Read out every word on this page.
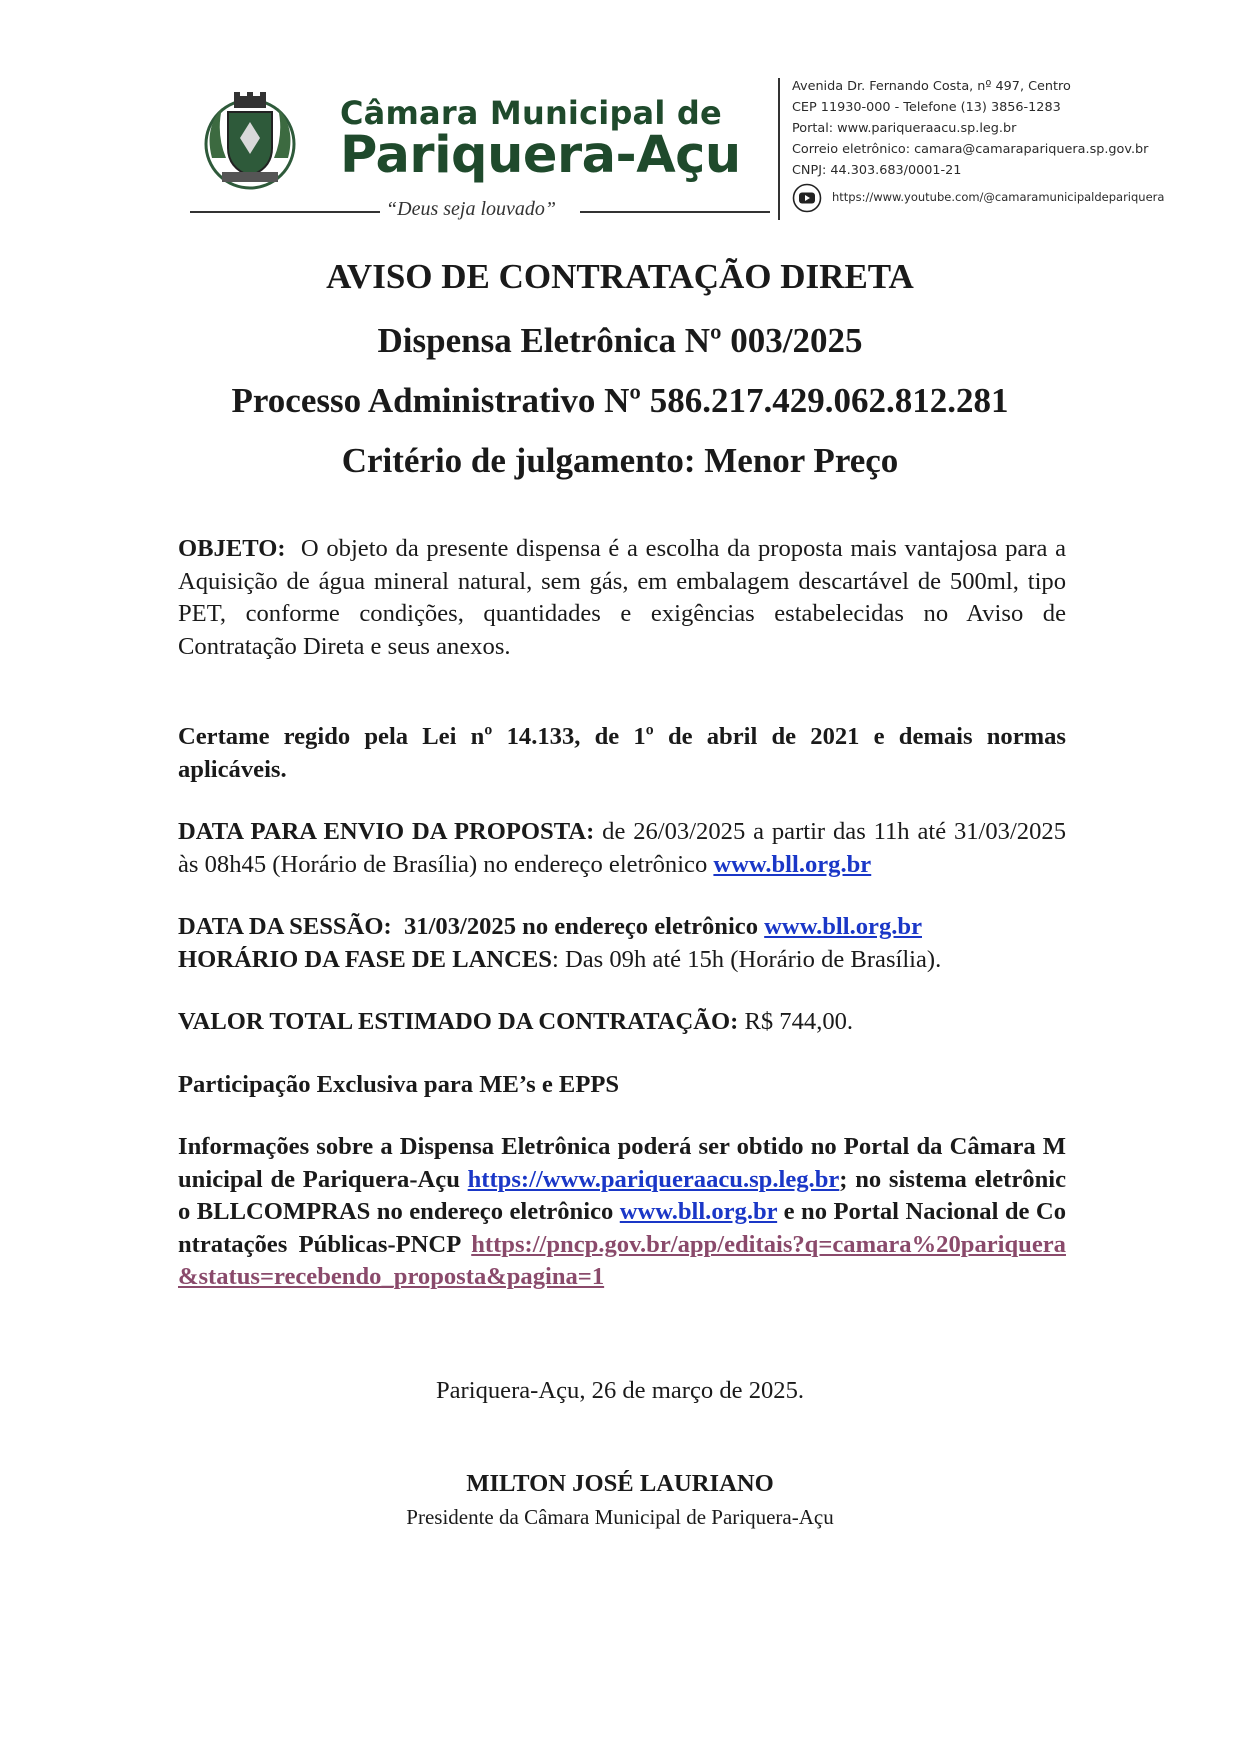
Câmara Municipal de
Pariquera-Açu
“Deus seja louvado”
Avenida Dr. Fernando Costa, nº 497, Centro
CEP 11930-000 - Telefone (13) 3856-1283
Portal: www.pariqueraacu.sp.leg.br
Correio eletrônico: camara@camarapariquera.sp.gov.br
CNPJ: 44.303.683/0001-21
https://www.youtube.com/@camaramunicipaldepariquera
AVISO DE CONTRATAÇÃO DIRETA
Dispensa Eletrônica Nº 003/2025
Processo Administrativo Nº 586.217.429.062.812.281
Critério de julgamento: Menor Preço
OBJETO: O objeto da presente dispensa é a escolha da proposta mais vantajosa para a Aquisição de água mineral natural, sem gás, em embalagem descartável de 500ml, tipo PET, conforme condições, quantidades e exigências estabelecidas no Aviso de Contratação Direta e seus anexos.
Certame regido pela Lei nº 14.133, de 1º de abril de 2021 e demais normas aplicáveis.
DATA PARA ENVIO DA PROPOSTA: de 26/03/2025 a partir das 11h até 31/03/2025 às 08h45 (Horário de Brasília) no endereço eletrônico www.bll.org.br
DATA DA SESSÃO: 31/03/2025 no endereço eletrônico www.bll.org.br
HORÁRIO DA FASE DE LANCES: Das 09h até 15h (Horário de Brasília).
VALOR TOTAL ESTIMADO DA CONTRATAÇÃO: R$ 744,00.
Participação Exclusiva para ME’s e EPPS
Informações sobre a Dispensa Eletrônica poderá ser obtido no Portal da Câmara Municipal de Pariquera-Açu https://www.pariqueraacu.sp.leg.br; no sistema eletrônico BLLCOMPRAS no endereço eletrônico www.bll.org.br e no Portal Nacional de Contratações Públicas-PNCP https://pncp.gov.br/app/editais?q=camara%20pariquera&status=recebendo_proposta&pagina=1
Pariquera-Açu, 26 de março de 2025.
MILTON JOSÉ LAURIANO
Presidente da Câmara Municipal de Pariquera-Açu
